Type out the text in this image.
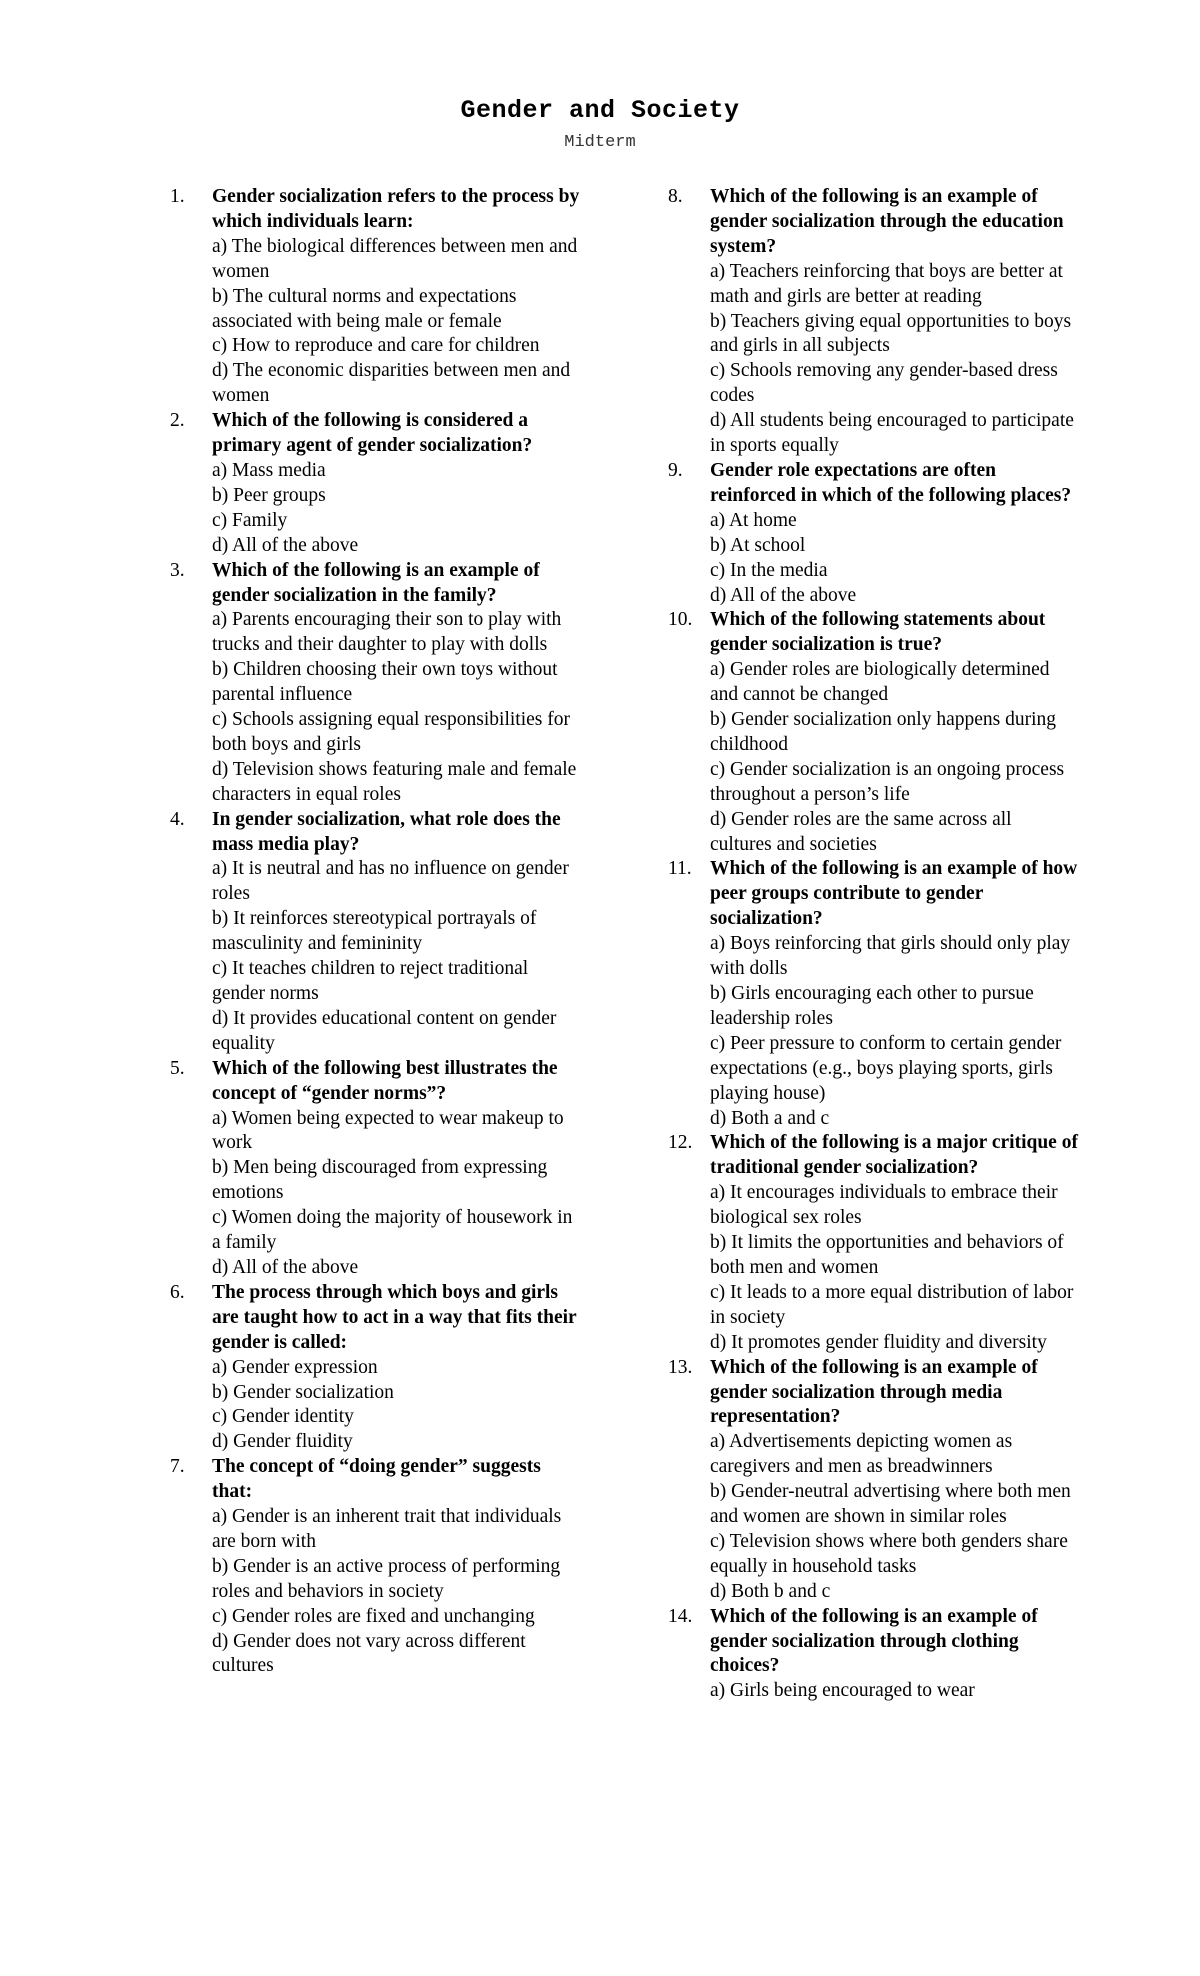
Gender and Society
Midterm
1.	Gender socialization refers to the process by which individuals learn:
a) The biological differences between men and women
b) The cultural norms and expectations associated with being male or female
c) How to reproduce and care for children
d) The economic disparities between men and women
2.	Which of the following is considered a primary agent of gender socialization?
a) Mass media
b) Peer groups
c) Family
d) All of the above
3.	Which of the following is an example of gender socialization in the family?
a) Parents encouraging their son to play with trucks and their daughter to play with dolls
b) Children choosing their own toys without parental influence
c) Schools assigning equal responsibilities for both boys and girls
d) Television shows featuring male and female characters in equal roles
4.	In gender socialization, what role does the mass media play?
a) It is neutral and has no influence on gender roles
b) It reinforces stereotypical portrayals of masculinity and femininity
c) It teaches children to reject traditional gender norms
d) It provides educational content on gender equality
5.	Which of the following best illustrates the concept of “gender norms”?
a) Women being expected to wear makeup to work
b) Men being discouraged from expressing emotions
c) Women doing the majority of housework in a family
d) All of the above
6.	The process through which boys and girls are taught how to act in a way that fits their gender is called:
a) Gender expression
b) Gender socialization
c) Gender identity
d) Gender fluidity
7.	The concept of “doing gender” suggests that:
a) Gender is an inherent trait that individuals are born with
b) Gender is an active process of performing roles and behaviors in society
c) Gender roles are fixed and unchanging
d) Gender does not vary across different cultures
8.	Which of the following is an example of gender socialization through the education system?
a) Teachers reinforcing that boys are better at math and girls are better at reading
b) Teachers giving equal opportunities to boys and girls in all subjects
c) Schools removing any gender-based dress codes
d) All students being encouraged to participate in sports equally
9.	Gender role expectations are often reinforced in which of the following places?
a) At home
b) At school
c) In the media
d) All of the above
10. Which of the following statements about gender socialization is true?
a) Gender roles are biologically determined and cannot be changed
b) Gender socialization only happens during childhood
c) Gender socialization is an ongoing process throughout a person’s life
d) Gender roles are the same across all cultures and societies
11. Which of the following is an example of how peer groups contribute to gender socialization?
a) Boys reinforcing that girls should only play with dolls
b) Girls encouraging each other to pursue leadership roles
c) Peer pressure to conform to certain gender expectations (e.g., boys playing sports, girls playing house)
d) Both a and c
12. Which of the following is a major critique of traditional gender socialization?
a) It encourages individuals to embrace their biological sex roles
b) It limits the opportunities and behaviors of both men and women
c) It leads to a more equal distribution of labor in society
d) It promotes gender fluidity and diversity
13. Which of the following is an example of gender socialization through media representation?
a) Advertisements depicting women as caregivers and men as breadwinners
b) Gender-neutral advertising where both men and women are shown in similar roles
c) Television shows where both genders share equally in household tasks
d) Both b and c
14. Which of the following is an example of gender socialization through clothing choices?
a) Girls being encouraged to wear
